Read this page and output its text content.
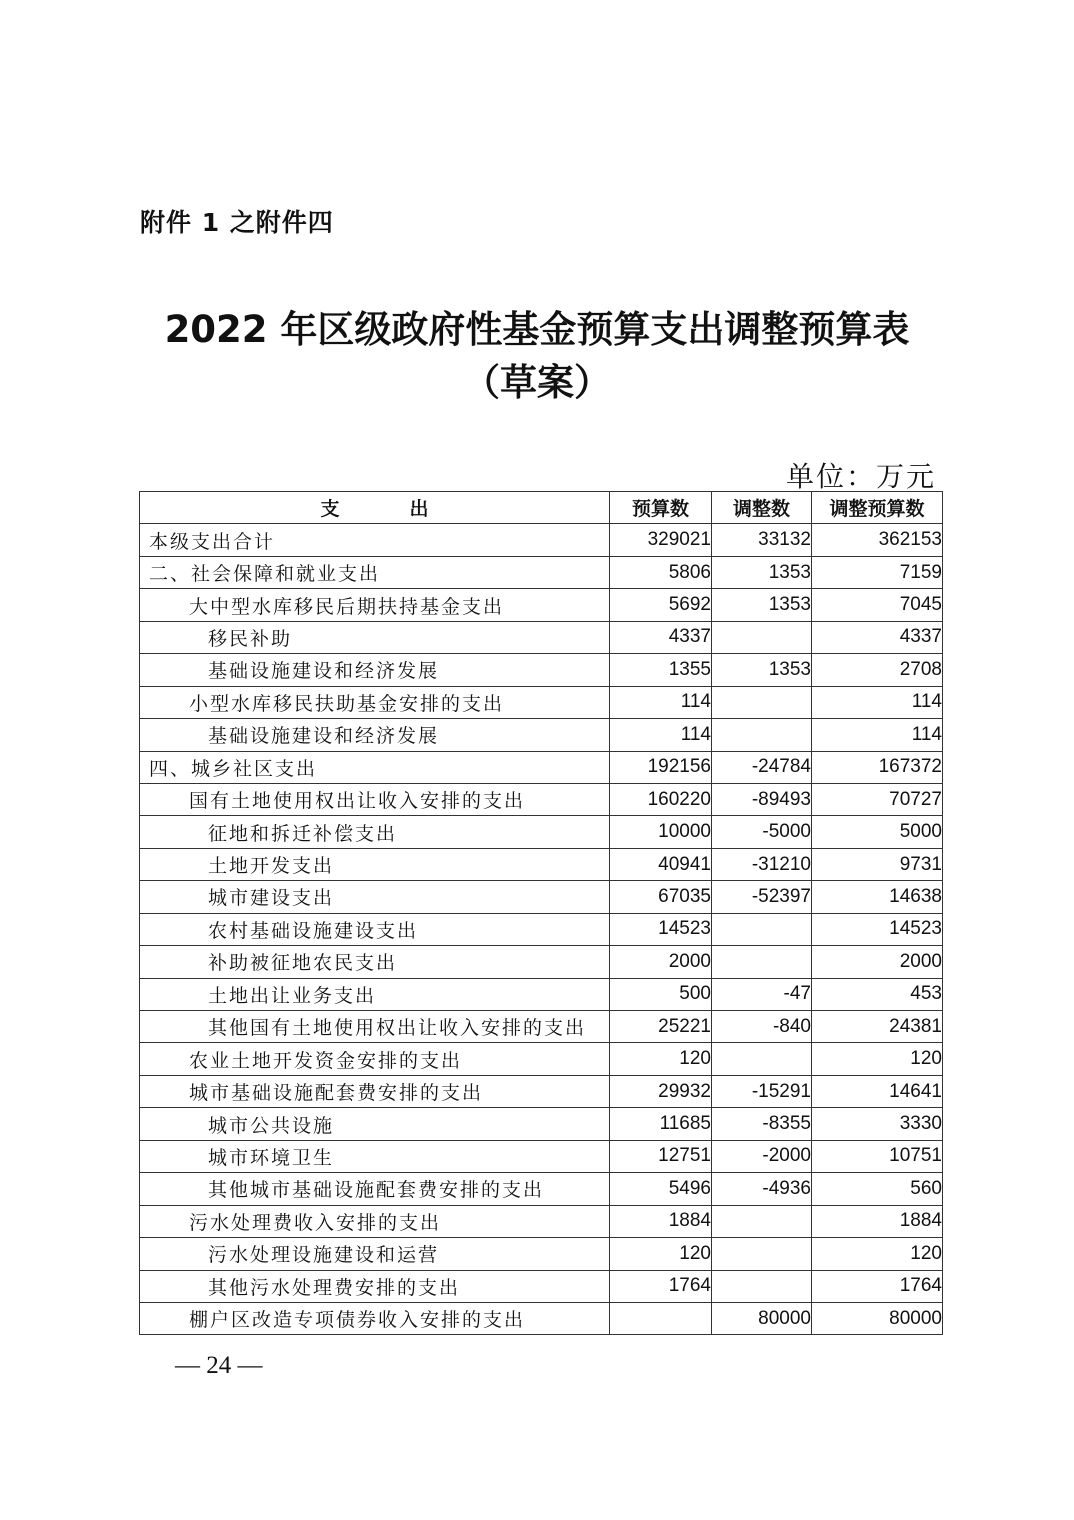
附件 1 之附件四
2022 年区级政府性基金预算支出调整预算表
（草案）
单位：万元
支 出	预算数	调整数	调整预算数
本级支出合计	329021	33132	362153
二、社会保障和就业支出	5806	1353	7159
大中型水库移民后期扶持基金支出	5692	1353	7045
移民补助	4337		4337
基础设施建设和经济发展	1355	1353	2708
小型水库移民扶助基金安排的支出	114		114
基础设施建设和经济发展	114		114
四、城乡社区支出	192156	-24784	167372
国有土地使用权出让收入安排的支出	160220	-89493	70727
征地和拆迁补偿支出	10000	-5000	5000
土地开发支出	40941	-31210	9731
城市建设支出	67035	-52397	14638
农村基础设施建设支出	14523		14523
补助被征地农民支出	2000		2000
土地出让业务支出	500	-47	453
其他国有土地使用权出让收入安排的支出	25221	-840	24381
农业土地开发资金安排的支出	120		120
城市基础设施配套费安排的支出	29932	-15291	14641
城市公共设施	11685	-8355	3330
城市环境卫生	12751	-2000	10751
其他城市基础设施配套费安排的支出	5496	-4936	560
污水处理费收入安排的支出	1884		1884
污水处理设施建设和运营	120		120
其他污水处理费安排的支出	1764		1764
棚户区改造专项债券收入安排的支出		80000	80000
— 24 —
